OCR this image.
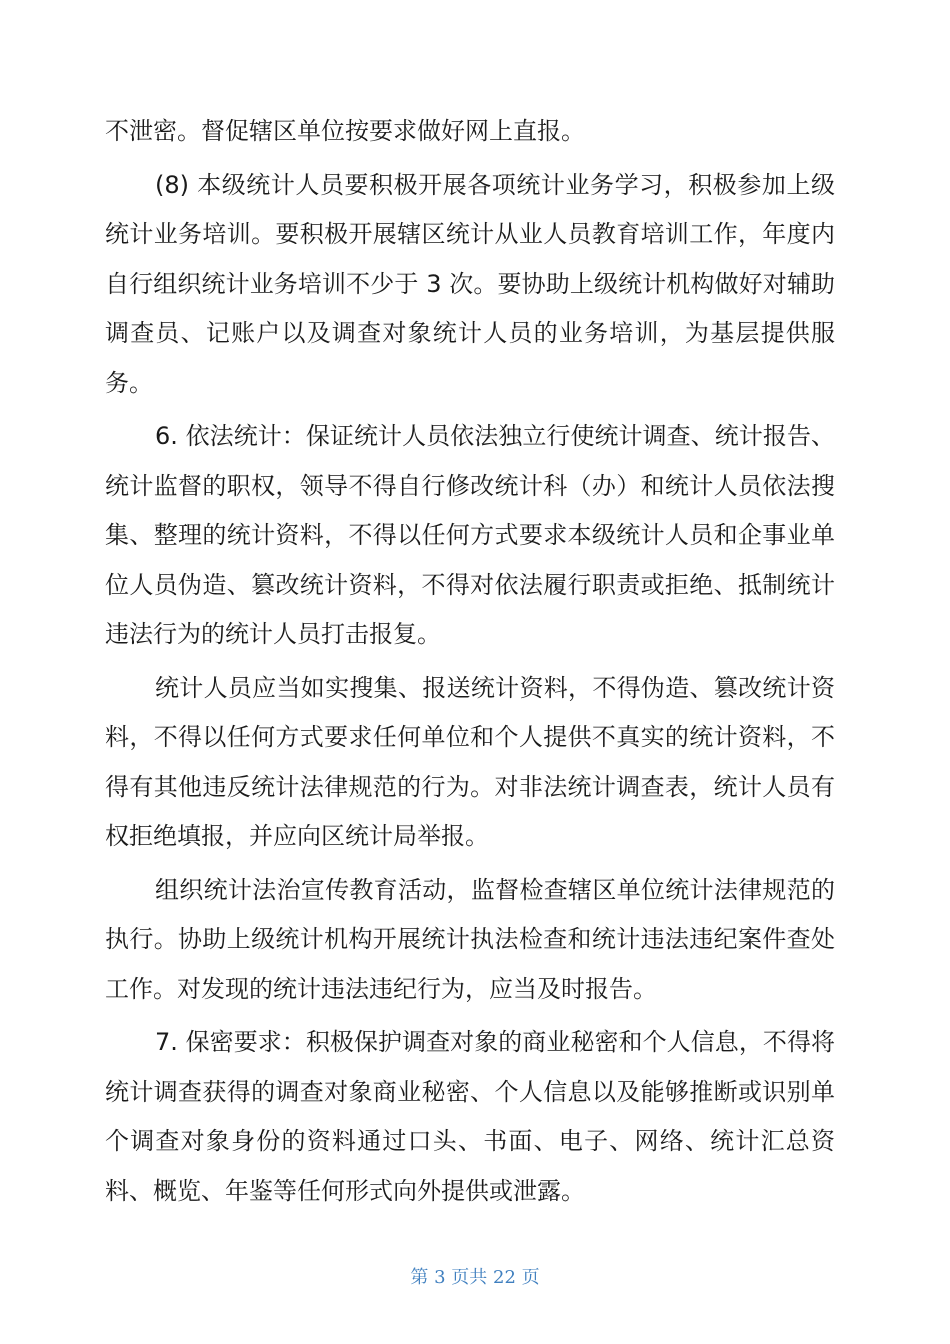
不泄密。督促辖区单位按要求做好网上直报。

(8) 本级统计人员要积极开展各项统计业务学习，积极参加上级统计业务培训。要积极开展辖区统计从业人员教育培训工作，年度内自行组织统计业务培训不少于 3 次。要协助上级统计机构做好对辅助调查员、记账户以及调查对象统计人员的业务培训，为基层提供服务。

6. 依法统计：保证统计人员依法独立行使统计调查、统计报告、统计监督的职权，领导不得自行修改统计科（办）和统计人员依法搜集、整理的统计资料，不得以任何方式要求本级统计人员和企事业单位人员伪造、篡改统计资料，不得对依法履行职责或拒绝、抵制统计违法行为的统计人员打击报复。

统计人员应当如实搜集、报送统计资料，不得伪造、篡改统计资料，不得以任何方式要求任何单位和个人提供不真实的统计资料，不得有其他违反统计法律规范的行为。对非法统计调查表，统计人员有权拒绝填报，并应向区统计局举报。

组织统计法治宣传教育活动，监督检查辖区单位统计法律规范的执行。协助上级统计机构开展统计执法检查和统计违法违纪案件查处工作。对发现的统计违法违纪行为，应当及时报告。

7. 保密要求：积极保护调查对象的商业秘密和个人信息，不得将统计调查获得的调查对象商业秘密、个人信息以及能够推断或识别单个调查对象身份的资料通过口头、书面、电子、网络、统计汇总资料、概览、年鉴等任何形式向外提供或泄露。

第 3 页共 22 页
